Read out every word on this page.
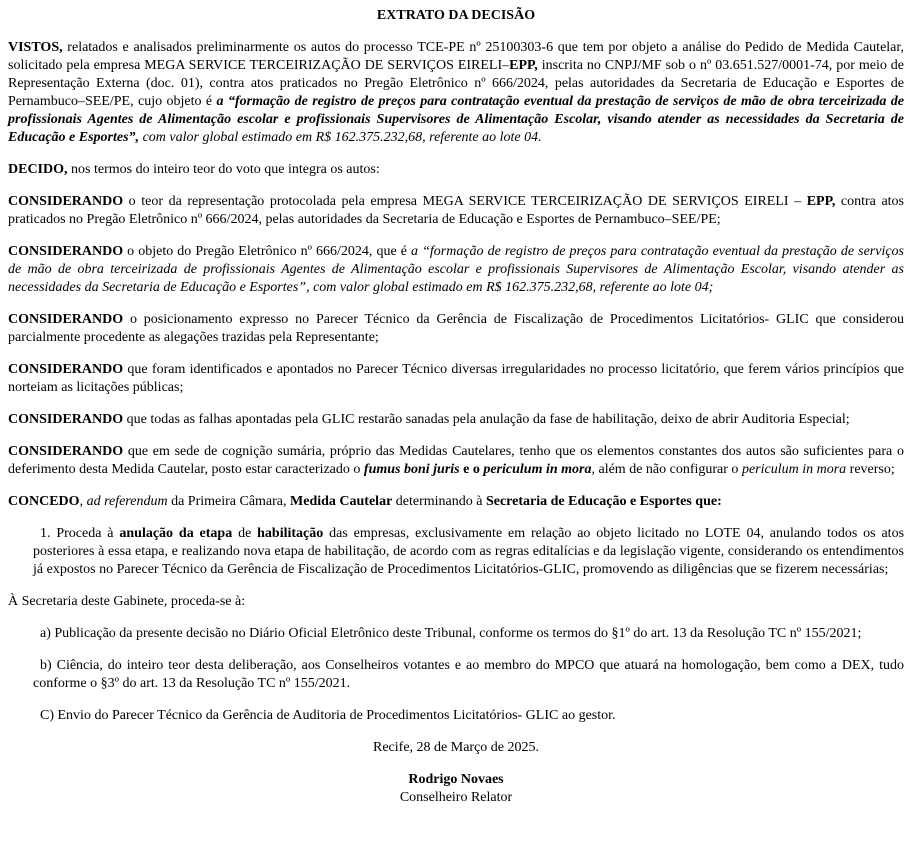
EXTRATO DA DECISÃO

VISTOS, relatados e analisados preliminarmente os autos do processo TCE-PE nº 25100303-6 que tem por objeto a análise do Pedido de Medida Cautelar, solicitado pela empresa MEGA SERVICE TERCEIRIZAÇÃO DE SERVIÇOS EIRELI–EPP, inscrita no CNPJ/MF sob o nº 03.651.527/0001-74, por meio de Representação Externa (doc. 01), contra atos praticados no Pregão Eletrônico nº 666/2024, pelas autoridades da Secretaria de Educação e Esportes de Pernambuco–SEE/PE, cujo objeto é a “formação de registro de preços para contratação eventual da prestação de serviços de mão de obra terceirizada de profissionais Agentes de Alimentação escolar e profissionais Supervisores de Alimentação Escolar, visando atender as necessidades da Secretaria de Educação e Esportes”, com valor global estimado em R$ 162.375.232,68, referente ao lote 04.

DECIDO, nos termos do inteiro teor do voto que integra os autos:

CONSIDERANDO o teor da representação protocolada pela empresa MEGA SERVICE TERCEIRIZAÇÃO DE SERVIÇOS EIRELI – EPP, contra atos praticados no Pregão Eletrônico nº 666/2024, pelas autoridades da Secretaria de Educação e Esportes de Pernambuco–SEE/PE;

CONSIDERANDO o objeto do Pregão Eletrônico nº 666/2024, que é a “formação de registro de preços para contratação eventual da prestação de serviços de mão de obra terceirizada de profissionais Agentes de Alimentação escolar e profissionais Supervisores de Alimentação Escolar, visando atender as necessidades da Secretaria de Educação e Esportes”, com valor global estimado em R$ 162.375.232,68, referente ao lote 04;

CONSIDERANDO o posicionamento expresso no Parecer Técnico da Gerência de Fiscalização de Procedimentos Licitatórios- GLIC que considerou parcialmente procedente as alegações trazidas pela Representante;

CONSIDERANDO que foram identificados e apontados no Parecer Técnico diversas irregularidades no processo licitatório, que ferem vários princípios que norteiam as licitações públicas;

CONSIDERANDO que todas as falhas apontadas pela GLIC restarão sanadas pela anulação da fase de habilitação, deixo de abrir Auditoria Especial;

CONSIDERANDO que em sede de cognição sumária, próprio das Medidas Cautelares, tenho que os elementos constantes dos autos são suficientes para o deferimento desta Medida Cautelar, posto estar caracterizado o fumus boni juris e o periculum in mora, além de não configurar o periculum in mora reverso;

CONCEDO, ad referendum da Primeira Câmara, Medida Cautelar determinando à Secretaria de Educação e Esportes que:

1. Proceda à anulação da etapa de habilitação das empresas, exclusivamente em relação ao objeto licitado no LOTE 04, anulando todos os atos posteriores à essa etapa, e realizando nova etapa de habilitação, de acordo com as regras editalícias e da legislação vigente, considerando os entendimentos já expostos no Parecer Técnico da Gerência de Fiscalização de Procedimentos Licitatórios-GLIC, promovendo as diligências que se fizerem necessárias;

À Secretaria deste Gabinete, proceda-se à:

a) Publicação da presente decisão no Diário Oficial Eletrônico deste Tribunal, conforme os termos do §1º do art. 13 da Resolução TC nº 155/2021;

b) Ciência, do inteiro teor desta deliberação, aos Conselheiros votantes e ao membro do MPCO que atuará na homologação, bem como a DEX, tudo conforme o §3º do art. 13 da Resolução TC nº 155/2021.

C) Envio do Parecer Técnico da Gerência de Auditoria de Procedimentos Licitatórios- GLIC ao gestor.

Recife, 28 de Março de 2025.

Rodrigo Novaes

Conselheiro Relator
